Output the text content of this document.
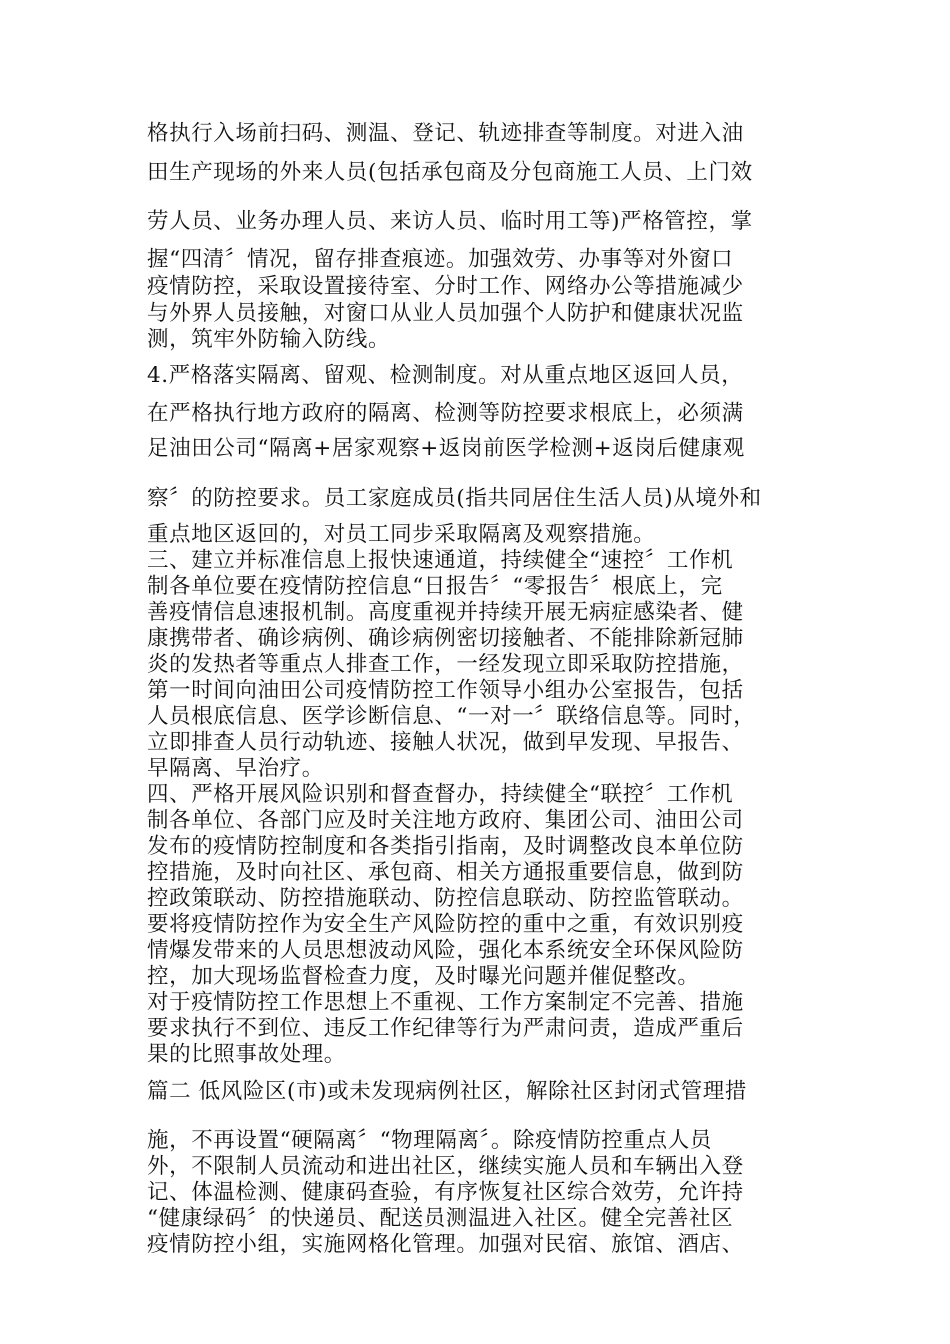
格执行入场前扫码、测温、登记、轨迹排查等制度。对进入油
田生产现场的外来人员(包括承包商及分包商施工人员、上门效
劳人员、业务办理人员、来访人员、临时用工等)严格管控，掌
握“四清〞情况，留存排查痕迹。加强效劳、办事等对外窗口
疫情防控，采取设置接待室、分时工作、网络办公等措施减少
与外界人员接触，对窗口从业人员加强个人防护和健康状况监
测，筑牢外防输入防线。
4.严格落实隔离、留观、检测制度。对从重点地区返回人员，
在严格执行地方政府的隔离、检测等防控要求根底上，必须满
足油田公司“隔离+居家观察+返岗前医学检测+返岗后健康观
察〞的防控要求。员工家庭成员(指共同居住生活人员)从境外和
重点地区返回的，对员工同步采取隔离及观察措施。
三、建立并标准信息上报快速通道，持续健全“速控〞工作机
制各单位要在疫情防控信息“日报告〞“零报告〞根底上，完
善疫情信息速报机制。高度重视并持续开展无病症感染者、健
康携带者、确诊病例、确诊病例密切接触者、不能排除新冠肺
炎的发热者等重点人排查工作，一经发现立即采取防控措施，
第一时间向油田公司疫情防控工作领导小组办公室报告，包括
人员根底信息、医学诊断信息、“一对一〞联络信息等。同时，
立即排查人员行动轨迹、接触人状况，做到早发现、早报告、
早隔离、早治疗。
四、严格开展风险识别和督查督办，持续健全“联控〞工作机
制各单位、各部门应及时关注地方政府、集团公司、油田公司
发布的疫情防控制度和各类指引指南，及时调整改良本单位防
控措施，及时向社区、承包商、相关方通报重要信息，做到防
控政策联动、防控措施联动、防控信息联动、防控监管联动。
要将疫情防控作为安全生产风险防控的重中之重，有效识别疫
情爆发带来的人员思想波动风险，强化本系统安全环保风险防
控，加大现场监督检查力度，及时曝光问题并催促整改。
对于疫情防控工作思想上不重视、工作方案制定不完善、措施
要求执行不到位、违反工作纪律等行为严肃问责，造成严重后
果的比照事故处理。
篇二 低风险区(市)或未发现病例社区，解除社区封闭式管理措
施，不再设置“硬隔离〞“物理隔离〞。除疫情防控重点人员
外，不限制人员流动和进出社区，继续实施人员和车辆出入登
记、体温检测、健康码查验，有序恢复社区综合效劳，允许持
“健康绿码〞的快递员、配送员测温进入社区。健全完善社区
疫情防控小组，实施网格化管理。加强对民宿、旅馆、酒店、
